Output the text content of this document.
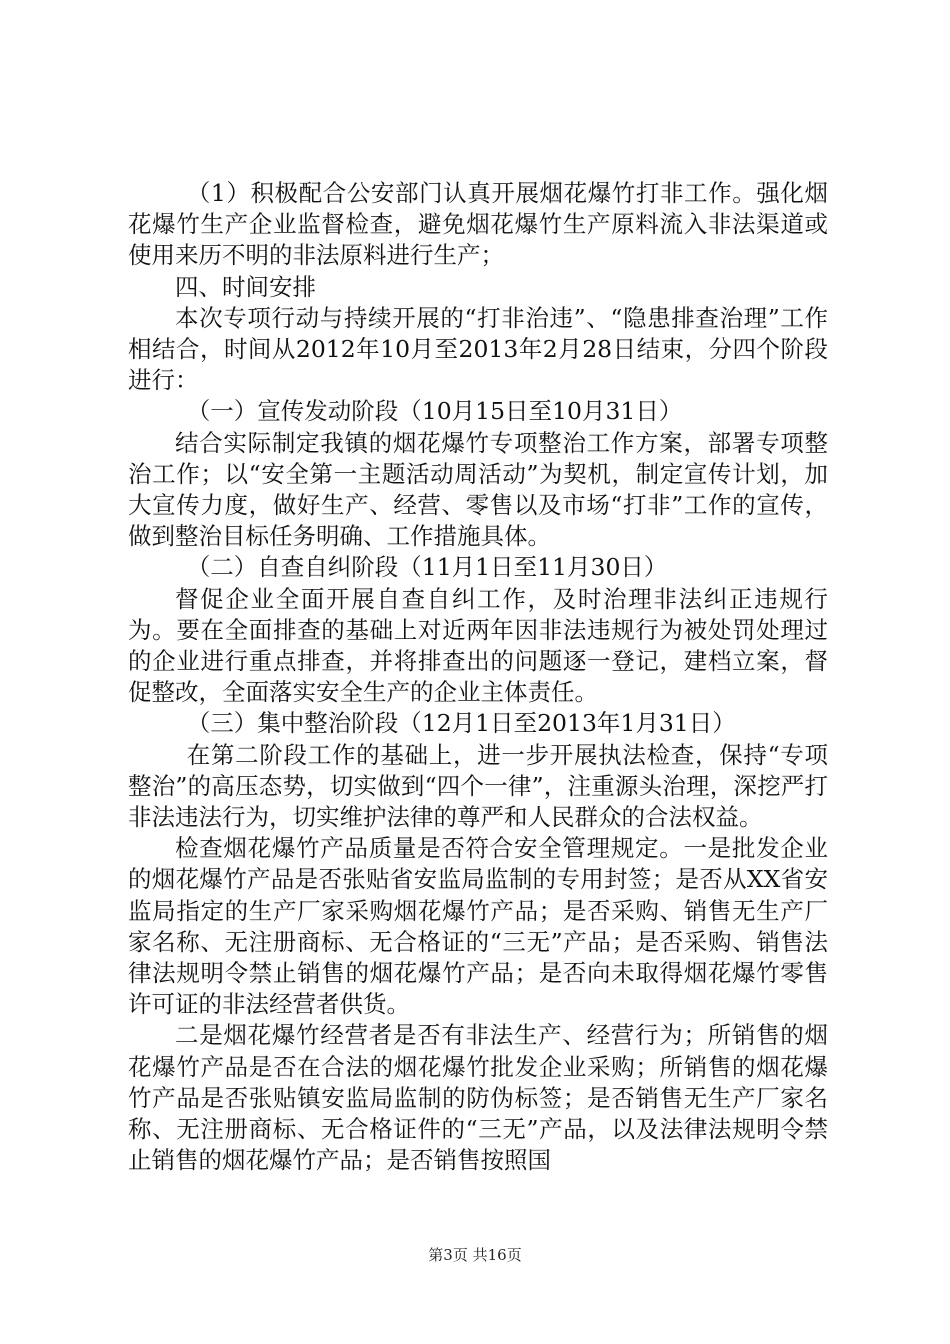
（1）积极配合公安部门认真开展烟花爆竹打非工作。强化烟花爆竹生产企业监督检查，避免烟花爆竹生产原料流入非法渠道或使用来历不明的非法原料进行生产；

四、时间安排

本次专项行动与持续开展的“打非治违”、“隐患排查治理”工作相结合，时间从2012年10月至2013年2月28日结束，分四个阶段进行：

（一）宣传发动阶段（10月15日至10月31日）

结合实际制定我镇的烟花爆竹专项整治工作方案，部署专项整治工作；以“安全第一主题活动周活动”为契机，制定宣传计划，加大宣传力度，做好生产、经营、零售以及市场“打非”工作的宣传，做到整治目标任务明确、工作措施具体。

（二）自查自纠阶段（11月1日至11月30日）

督促企业全面开展自查自纠工作，及时治理非法纠正违规行为。要在全面排查的基础上对近两年因非法违规行为被处罚处理过的企业进行重点排查，并将排查出的问题逐一登记，建档立案，督促整改，全面落实安全生产的企业主体责任。

（三）集中整治阶段（12月1日至2013年1月31日）

在第二阶段工作的基础上，进一步开展执法检查，保持“专项整治”的高压态势，切实做到“四个一律”，注重源头治理，深挖严打非法违法行为，切实维护法律的尊严和人民群众的合法权益。

检查烟花爆竹产品质量是否符合安全管理规定。一是批发企业的烟花爆竹产品是否张贴省安监局监制的专用封签；是否从XX省安监局指定的生产厂家采购烟花爆竹产品；是否采购、销售无生产厂家名称、无注册商标、无合格证的“三无”产品；是否采购、销售法律法规明令禁止销售的烟花爆竹产品；是否向未取得烟花爆竹零售许可证的非法经营者供货。

二是烟花爆竹经营者是否有非法生产、经营行为；所销售的烟花爆竹产品是否在合法的烟花爆竹批发企业采购；所销售的烟花爆竹产品是否张贴镇安监局监制的防伪标签；是否销售无生产厂家名称、无注册商标、无合格证件的“三无”产品，以及法律法规明令禁止销售的烟花爆竹产品；是否销售按照国

第3页 共16页
